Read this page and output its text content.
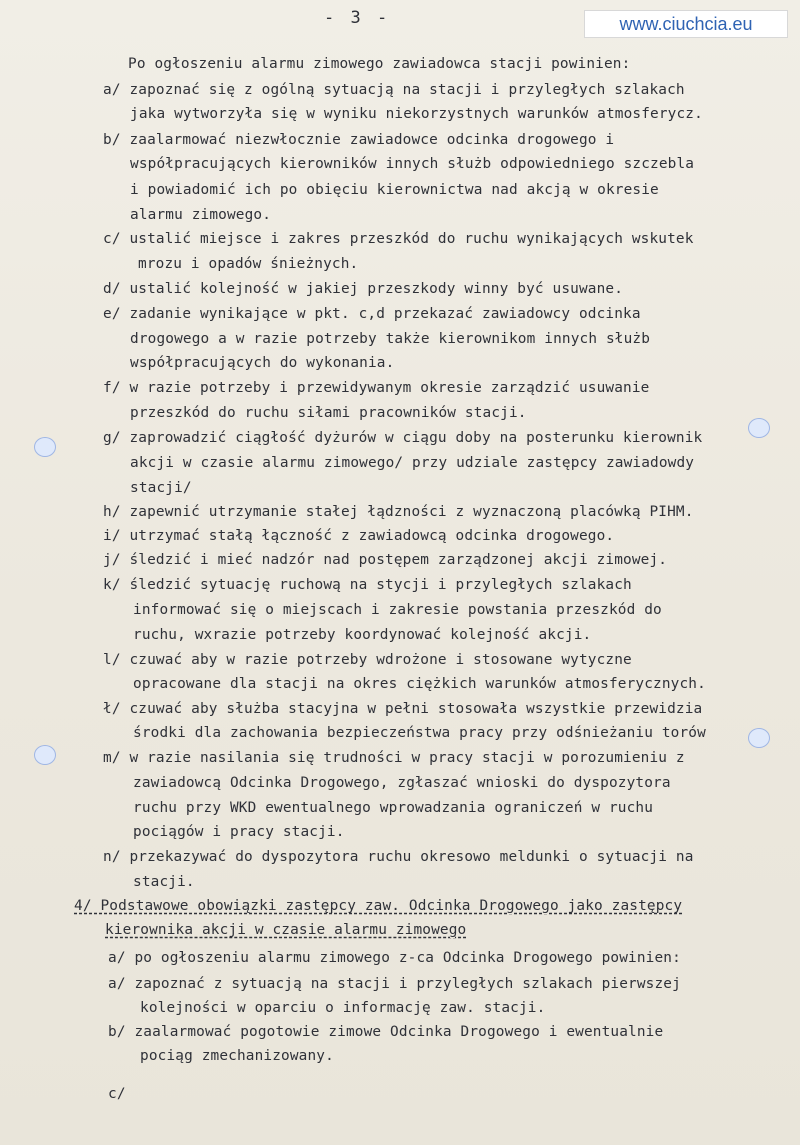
- 3 -	www.ciuchcia.eu
Po ogłoszeniu alarmu zimowego zawiadowca stacji powinien:
a/ zapoznać się z ogólną sytuacją na stacji i przyległych szlakach
jaka wytworzyła się w wyniku niekorzystnych warunków atmosferycz.
b/ zaalarmować niezwłocznie zawiadowce odcinka drogowego i
współpracujących kierowników innych służb odpowiedniego szczebla
i powiadomić ich po obięciu kierownictwa nad akcją w okresie
alarmu zimowego.
c/ ustalić miejsce i zakres przeszkód do ruchu wynikających wskutek
mrozu i opadów śnieżnych.
d/ ustalić kolejność w jakiej przeszkody winny być usuwane.
e/ zadanie wynikające w pkt. c,d przekazać zawiadowcy odcinka
drogowego a w razie potrzeby także kierownikom innych służb
współpracujących do wykonania.
f/ w razie potrzeby i przewidywanym okresie zarządzić usuwanie
przeszkód do ruchu siłami pracowników stacji.
g/ zaprowadzić ciągłość dyżurów w ciągu doby na posterunku kierownik
akcji w czasie alarmu zimowego/ przy udziale zastępcy zawiadowdy
stacji/
h/ zapewnić utrzymanie stałej łądzności z wyznaczoną placówką PIHM.
i/ utrzymać stałą łączność z zawiadowcą odcinka drogowego.
j/ śledzić i mieć nadzór nad postępem zarządzonej akcji zimowej.
k/ śledzić sytuację ruchową na stycji i przyległych szlakach
informować się o miejscach i zakresie powstania przeszkód do
ruchu, wxrazie potrzeby koordynować kolejność akcji.
l/ czuwać aby w razie potrzeby wdrożone i stosowane wytyczne
opracowane dla stacji na okres ciężkich warunków atmosferycznych.
ł/ czuwać aby służba stacyjna w pełni stosowała wszystkie przewidzia
środki dla zachowania bezpieczeństwa pracy przy odśnieżaniu torów
m/ w razie nasilania się trudności w pracy stacji w porozumieniu z
zawiadowcą Odcinka Drogowego, zgłaszać wnioski do dyspozytora
ruchu przy WKD ewentualnego wprowadzania ograniczeń w ruchu
pociągów i pracy stacji.
n/ przekazywać do dyspozytora ruchu okresowo meldunki o sytuacji na
stacji.
4/ Podstawowe obowiązki zastępcy zaw. Odcinka Drogowego jako zastępcy
kierownika akcji w czasie alarmu zimowego
a/ po ogłoszeniu alarmu zimowego z-ca Odcinka Drogowego powinien:
a/ zapoznać z sytuacją na stacji i przyległych szlakach pierwszej
kolejności w oparciu o informację zaw. stacji.
b/ zaalarmować pogotowie zimowe Odcinka Drogowego i ewentualnie
pociąg zmechanizowany.
c/
